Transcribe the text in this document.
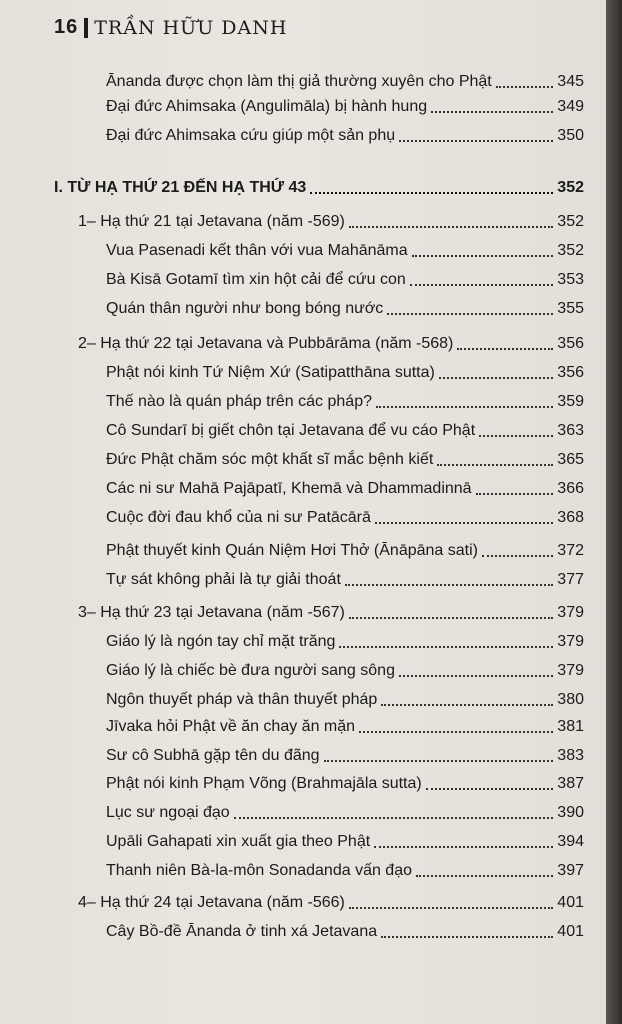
16 TRẦN HỮU DANH
Ānanda được chọn làm thị giả thường xuyên cho Phật	345
Đại đức Ahimsaka (Angulimāla) bị hành hung	349
Đại đức Ahimsaka cứu giúp một sản phụ	350
I. TỪ HẠ THỨ 21 ĐẾN HẠ THỨ 43	352
1– Hạ thứ 21 tại Jetavana (năm -569)	352
Vua Pasenadi kết thân với vua Mahānāma	352
Bà Kisā Gotamī tìm xin hột cải để cứu con	353
Quán thân người như bong bóng nước	355
2– Hạ thứ 22 tại Jetavana và Pubbārāma (năm -568)	356
Phật nói kinh Tứ Niệm Xứ (Satipatthāna sutta)	356
Thế nào là quán pháp trên các pháp?	359
Cô Sundarī bị giết chôn tại Jetavana để vu cáo Phật	363
Đức Phật chăm sóc một khất sĩ mắc bệnh kiết	365
Các ni sư Mahā Pajāpatī, Khemā và Dhammadinnā	366
Cuộc đời đau khổ của ni sư Patācārā	368
Phật thuyết kinh Quán Niệm Hơi Thở (Ānāpāna sati)	372
Tự sát không phải là tự giải thoát	377
3– Hạ thứ 23 tại Jetavana (năm -567)	379
Giáo lý là ngón tay chỉ mặt trăng	379
Giáo lý là chiếc bè đưa người sang sông	379
Ngôn thuyết pháp và thân thuyết pháp	380
Jīvaka hỏi Phật về ăn chay ăn mặn	381
Sư cô Subhā gặp tên du đãng	383
Phật nói kinh Phạm Võng (Brahmajāla sutta)	387
Lục sư ngoại đạo	390
Upāli Gahapati xin xuất gia theo Phật	394
Thanh niên Bà-la-môn Sonadanda vấn đạo	397
4– Hạ thứ 24 tại Jetavana (năm -566)	401
Cây Bồ-đề Ānanda ở tinh xá Jetavana	401
